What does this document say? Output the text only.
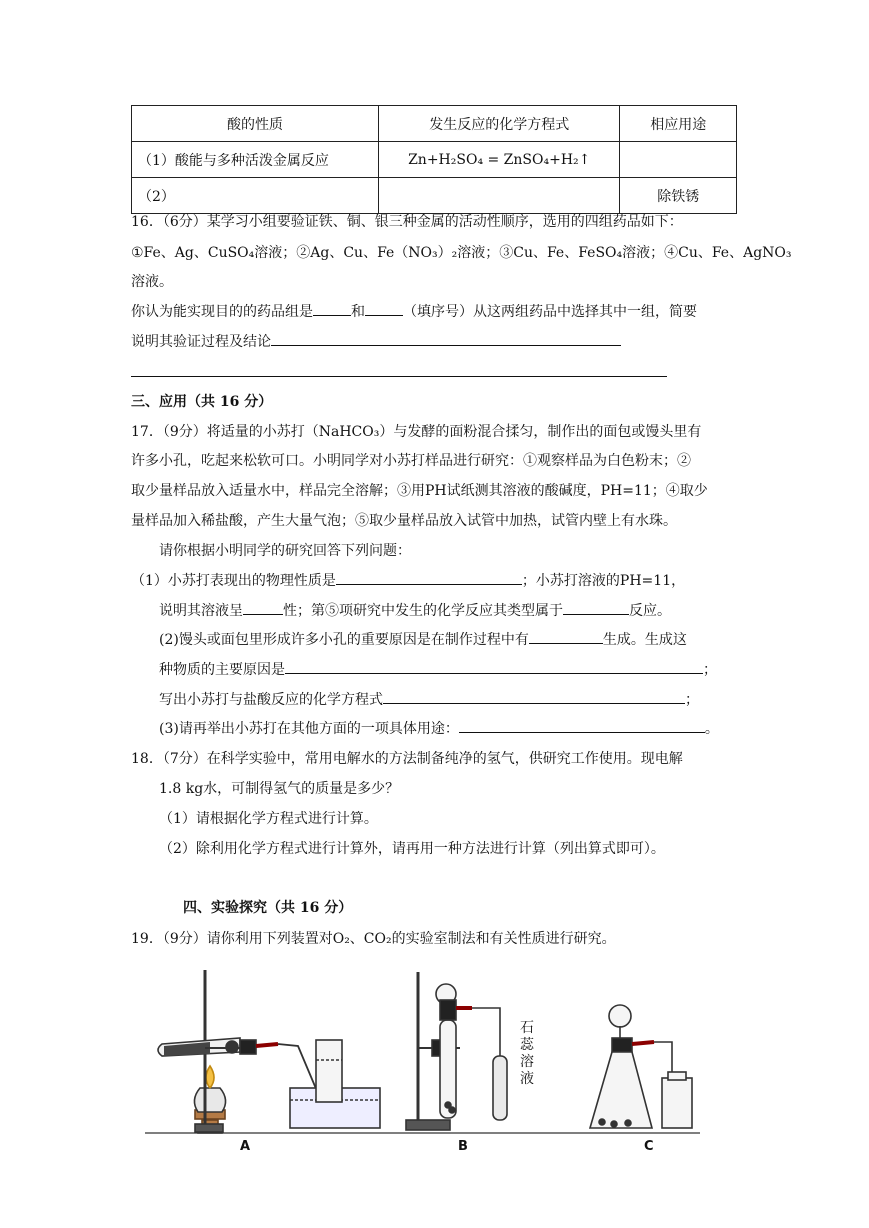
酸的性质	发生反应的化学方程式	相应用途
（1）酸能与多种活泼金属反应	Zn+H₂SO₄ = ZnSO₄+H₂↑	
（2）		除铁锈
16．（6分）某学习小组要验证铁、铜、银三种金属的活动性顺序，选用的四组药品如下：
①Fe、Ag、CuSO₄溶液；②Ag、Cu、Fe（NO₃）₂溶液；③Cu、Fe、FeSO₄溶液；④Cu、Fe、AgNO₃
溶液。
你认为能实现目的的药品组是	和	（填序号）从这两组药品中选择其中一组，简要
说明其验证过程及结论
三、应用（共 16 分）
17．（9分）将适量的小苏打（NaHCO₃）与发酵的面粉混合揉匀，制作出的面包或馒头里有
许多小孔，吃起来松软可口。小明同学对小苏打样品进行研究：①观察样品为白色粉末；②
取少量样品放入适量水中，样品完全溶解；③用PH试纸测其溶液的酸碱度，PH=11；④取少
量样品加入稀盐酸，产生大量气泡；⑤取少量样品放入试管中加热，试管内壁上有水珠。
请你根据小明同学的研究回答下列问题：
（1）小苏打表现出的物理性质是	；小苏打溶液的PH=11，
说明其溶液呈	性；第⑤项研究中发生的化学反应其类型属于	反应。
(2)馒头或面包里形成许多小孔的重要原因是在制作过程中有	生成。生成这
种物质的主要原因是	；
写出小苏打与盐酸反应的化学方程式	；
(3)请再举出小苏打在其他方面的一项具体用途：	。
18．（7分）在科学实验中，常用电解水的方法制备纯净的氢气，供研究工作使用。现电解
1.8 kg水，可制得氢气的质量是多少？
（1）请根据化学方程式进行计算。
（2）除利用化学方程式进行计算外，请再用一种方法进行计算（列出算式即可）。
四、实验探究（共 16 分）
19．（9分）请你利用下列装置对O₂、CO₂的实验室制法和有关性质进行研究。
石蕊溶液
A	B	C
